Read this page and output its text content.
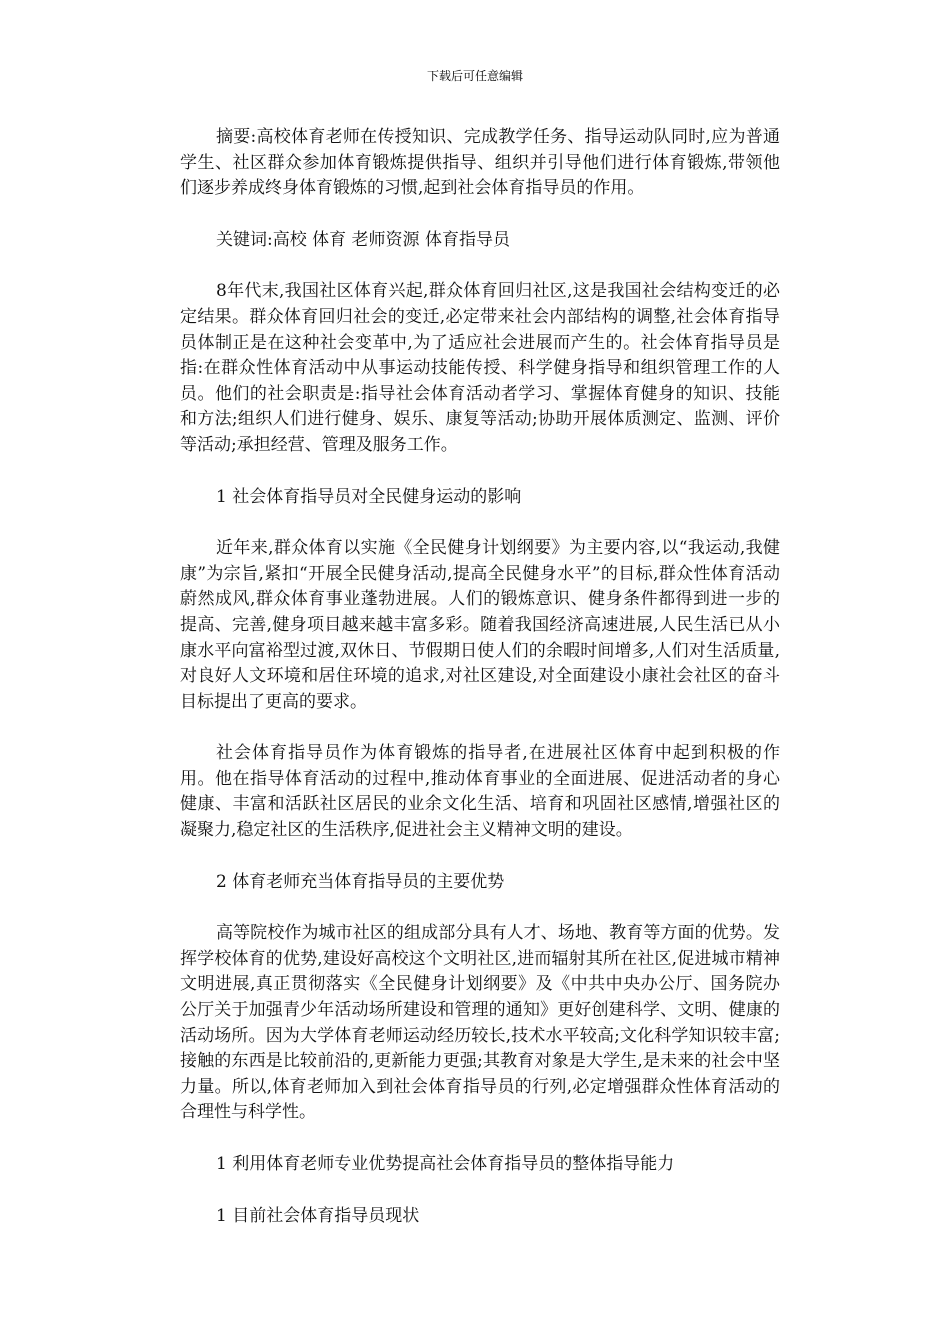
下载后可任意编辑

摘要:高校体育老师在传授知识、完成教学任务、指导运动队同时,应为普通学生、社区群众参加体育锻炼提供指导、组织并引导他们进行体育锻炼,带领他们逐步养成终身体育锻炼的习惯,起到社会体育指导员的作用。

关键词:高校 体育 老师资源 体育指导员

8年代末,我国社区体育兴起,群众体育回归社区,这是我国社会结构变迁的必定结果。群众体育回归社会的变迁,必定带来社会内部结构的调整,社会体育指导员体制正是在这种社会变革中,为了适应社会进展而产生的。社会体育指导员是指:在群众性体育活动中从事运动技能传授、科学健身指导和组织管理工作的人员。他们的社会职责是:指导社会体育活动者学习、掌握体育健身的知识、技能和方法;组织人们进行健身、娱乐、康复等活动;协助开展体质测定、监测、评价等活动;承担经营、管理及服务工作。

1 社会体育指导员对全民健身运动的影响

近年来,群众体育以实施《全民健身计划纲要》为主要内容,以“我运动,我健康”为宗旨,紧扣“开展全民健身活动,提高全民健身水平”的目标,群众性体育活动蔚然成风,群众体育事业蓬勃进展。人们的锻炼意识、健身条件都得到进一步的提高、完善,健身项目越来越丰富多彩。随着我国经济高速进展,人民生活已从小康水平向富裕型过渡,双休日、节假期日使人们的余暇时间增多,人们对生活质量,对良好人文环境和居住环境的追求,对社区建设,对全面建设小康社会社区的奋斗目标提出了更高的要求。

社会体育指导员作为体育锻炼的指导者,在进展社区体育中起到积极的作用。他在指导体育活动的过程中,推动体育事业的全面进展、促进活动者的身心健康、丰富和活跃社区居民的业余文化生活、培育和巩固社区感情,增强社区的凝聚力,稳定社区的生活秩序,促进社会主义精神文明的建设。

2 体育老师充当体育指导员的主要优势

高等院校作为城市社区的组成部分具有人才、场地、教育等方面的优势。发挥学校体育的优势,建设好高校这个文明社区,进而辐射其所在社区,促进城市精神文明进展,真正贯彻落实《全民健身计划纲要》及《中共中央办公厅、国务院办公厅关于加强青少年活动场所建设和管理的通知》更好创建科学、文明、健康的活动场所。因为大学体育老师运动经历较长,技术水平较高;文化科学知识较丰富;接触的东西是比较前沿的,更新能力更强;其教育对象是大学生,是未来的社会中坚力量。所以,体育老师加入到社会体育指导员的行列,必定增强群众性体育活动的合理性与科学性。

1 利用体育老师专业优势提高社会体育指导员的整体指导能力

1 目前社会体育指导员现状
